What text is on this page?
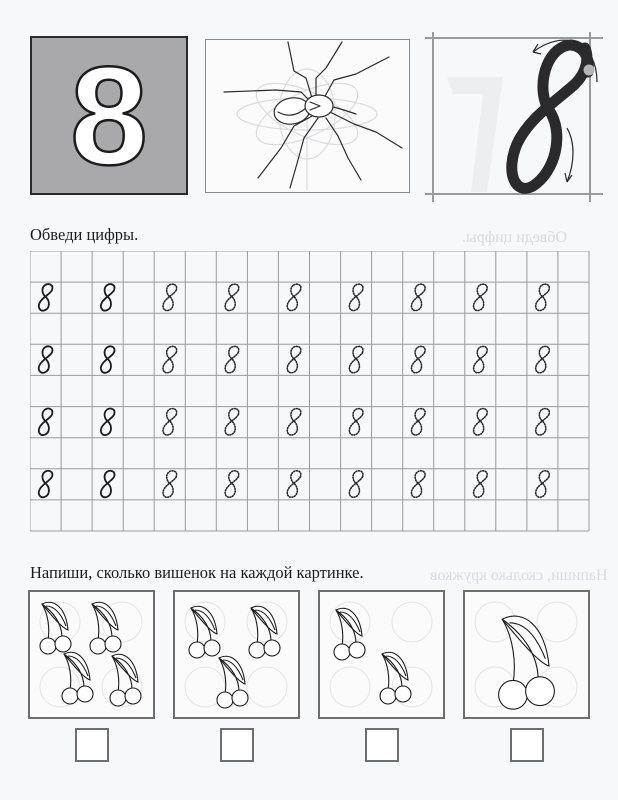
8
Обведи цифры.	Обведи цифры.
Напиши, сколько вишенок на каждой картинке.	Напиши, сколько кружков
